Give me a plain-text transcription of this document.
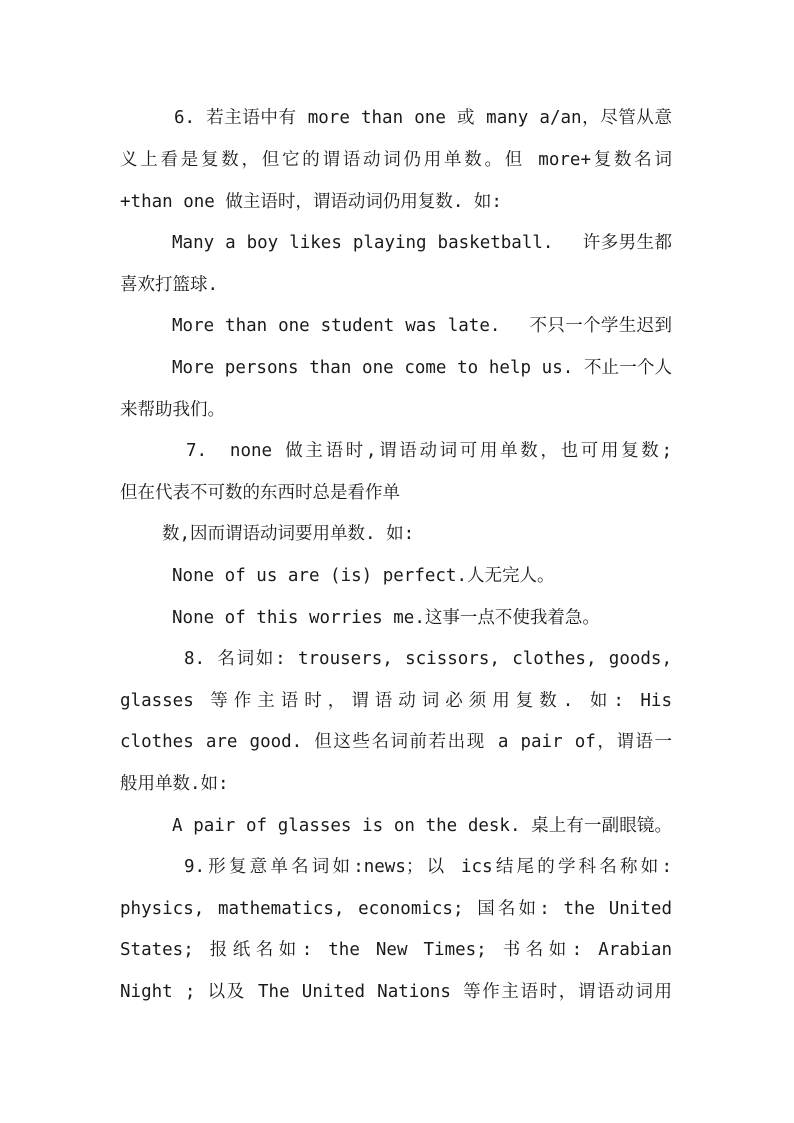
6. 若主语中有 more than one 或 many a/an，尽管从意
义上看是复数，但它的谓语动词仍用单数。但 more+复数名词
+than one 做主语时，谓语动词仍用复数. 如:
Many a boy likes playing basketball.　 许多男生都
喜欢打篮球.
More than one student was late.　 不只一个学生迟到
More persons than one come to help us. 不止一个人
来帮助我们。
7.　none 做主语时,谓语动词可用单数，也可用复数;
但在代表不可数的东西时总是看作单
数,因而谓语动词要用单数. 如:
None of us are (is) perfect.人无完人。
None of this worries me.这事一点不使我着急。
8. 名词如: trousers, scissors, clothes, goods,
glasses 等作主语时，谓语动词必须用复数. 如: His
clothes are good. 但这些名词前若出现 a pair of，谓语一
般用单数.如:
A pair of glasses is on the desk. 桌上有一副眼镜。
9.形复意单名词如:news；以 ics结尾的学科名称如:
physics, mathematics, economics; 国名如: the United
States; 报纸名如: the New Times; 书名如: Arabian
Night ; 以及 The United Nations 等作主语时，谓语动词用
